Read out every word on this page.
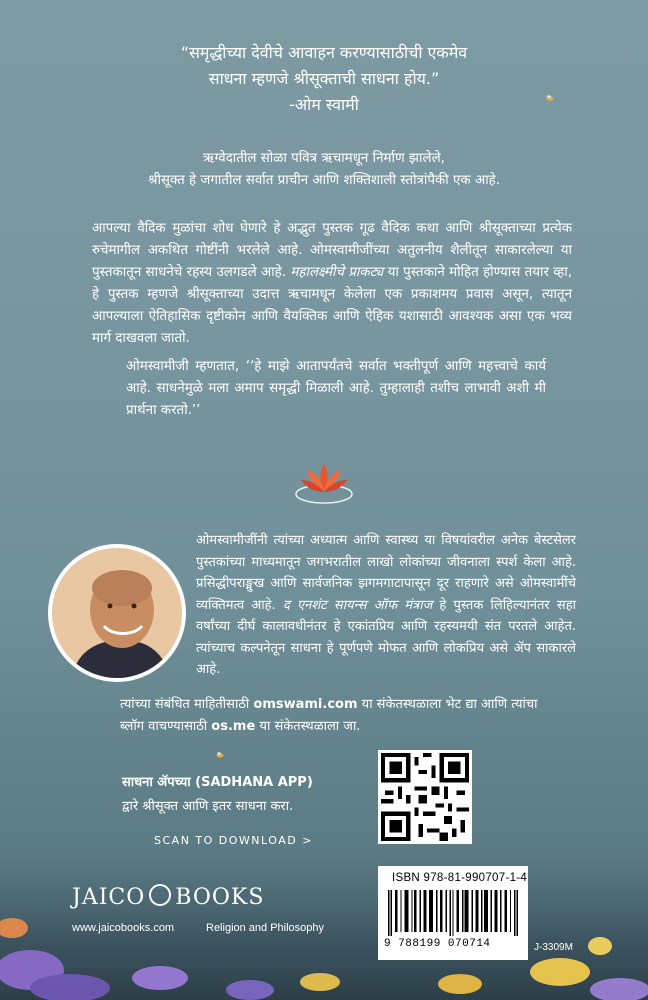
“समृद्धीच्या देवीचे आवाहन करण्यासाठीची एकमेव
साधना म्हणजे श्रीसूक्ताची साधना होय.”
-ओम स्वामी
ऋग्वेदातील सोळा पवित्र ऋचामधून निर्माण झालेले,
श्रीसूक्त हे जगातील सर्वात प्राचीन आणि शक्तिशाली स्तोत्रांपैकी एक आहे.
आपल्या वैदिक मुळांचा शोध घेणारे हे अद्भुत पुस्तक गूढ वैदिक कथा आणि श्रीसूक्ताच्या प्रत्येक रुचेमागील अकथित गोष्टींनी भरलेले आहे. ओमस्वामीजींच्या अतुलनीय शैलीतून साकारलेल्या या पुस्तकातून साधनेचे रहस्य उलगडले आहे. महालक्ष्मीचे प्राकट्य या पुस्तकाने मोहित होण्यास तयार व्हा, हे पुस्तक म्हणजे श्रीसूक्ताच्या उदात्त ऋचामधून केलेला एक प्रकाशमय प्रवास असून, त्यातून आपल्याला ऐतिहासिक दृष्टीकोन आणि वैयक्तिक आणि ऐहिक यशासाठी आवश्यक असा एक भव्य मार्ग दाखवला जातो.
ओमस्वामीजी म्हणतात, ‘‘हे माझे आतापर्यंतचे सर्वात भक्तीपूर्ण आणि महत्त्वाचे कार्य आहे. साधनेमुळे मला अमाप समृद्धी मिळाली आहे. तुम्हालाही तशीच लाभावी अशी मी प्रार्थना करतो.’’
ओमस्वामीजींनी त्यांच्या अध्यात्म आणि स्वास्थ्य या विषयांवरील अनेक बेस्टसेलर पुस्तकांच्या माध्यमातून जगभरातील लाखो लोकांच्या जीवनाला स्पर्श केला आहे. प्रसिद्धीपराङ्मुख आणि सार्वजनिक झगमगाटापासून दूर राहणारे असे ओमस्वामींचे व्यक्तिमत्व आहे. द एनशंट सायन्स ऑफ मंत्राज हे पुस्तक लिहिल्यानंतर सहा वर्षांच्या दीर्घ कालावधीनंतर हे एकांतप्रिय आणि रहस्यमयी संत परतले आहेत. त्यांच्याच कल्पनेतून साधना हे पूर्णपणे मोफत आणि लोकप्रिय असे ॲप साकारले आहे.
त्यांच्या संबंधित माहितीसाठी omswami.com या संकेतस्थळाला भेट द्या आणि त्यांचा ब्लॉग वाचण्यासाठी os.me या संकेतस्थळाला जा.
साधना ॲपच्या (SADHANA APP)
द्वारे श्रीसूक्त आणि इतर साधना करा.
SCAN TO DOWNLOAD >
JAICO BOOKS
www.jaicobooks.com	Religion and Philosophy
ISBN 978-81-990707-1-4
9 788199 070714	J-3309M
